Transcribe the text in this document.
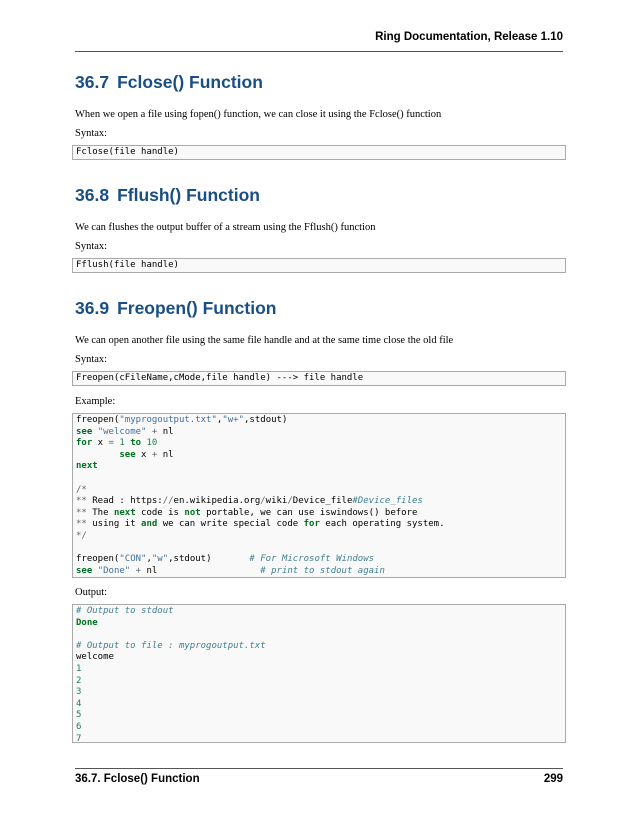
Ring Documentation, Release 1.10
36.7 Fclose() Function

When we open a file using fopen() function, we can close it using the Fclose() function

Syntax:

Fclose(file handle)
36.8 Fflush() Function

We can flushes the output buffer of a stream using the Fflush() function

Syntax:

Fflush(file handle)
36.9 Freopen() Function

We can open another file using the same file handle and at the same time close the old file

Syntax:

Freopen(cFileName,cMode,file handle) ---> file handle

Example:

freopen("myprogoutput.txt","w+",stdout)
see "welcome" + nl
for x = 1 to 10
see x + nl
next
/*
** Read : https://en.wikipedia.org/wiki/Device_file#Device_files
** The next code is not portable, we can use iswindows() before
** using it and we can write special code for each operating system.
*/
freopen("CON","w",stdout)       # For Microsoft Windows
see "Done" + nl                   # print to stdout again

Output:

# Output to stdout
Done
# Output to file : myprogoutput.txt
welcome
1
2
3
4
5
6
7
36.7. Fclose() Function	299
